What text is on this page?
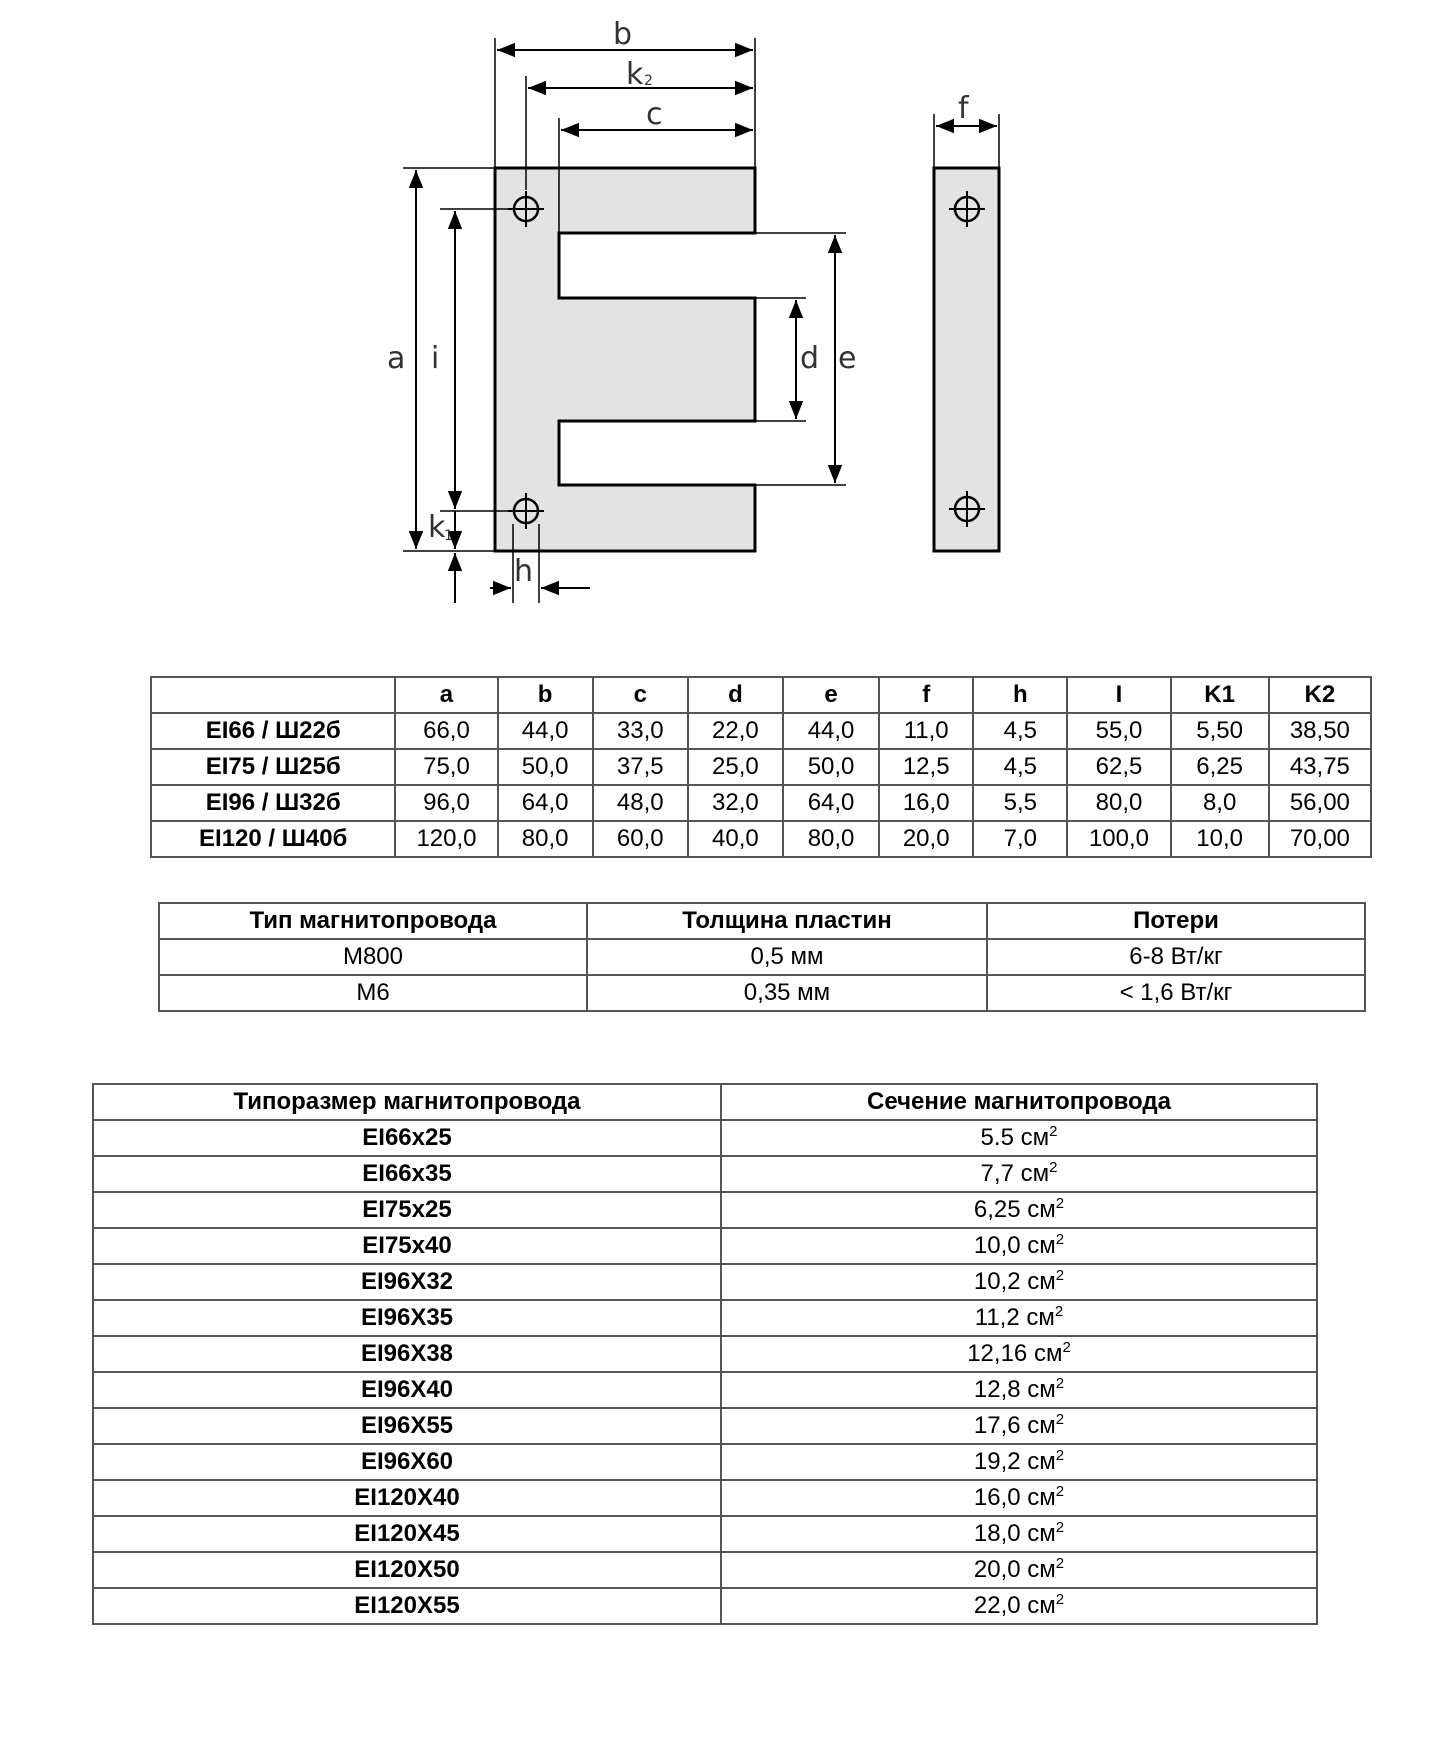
b
k 2
c	f
a i	d e
k
1
h
	a	b	c	d	e	f	h	I	K1	K2
EI66 / Ш22б	66,0	44,0	33,0	22,0	44,0	11,0	4,5	55,0	5,50	38,50
EI75 / Ш25б	75,0	50,0	37,5	25,0	50,0	12,5	4,5	62,5	6,25	43,75
EI96 / Ш32б	96,0	64,0	48,0	32,0	64,0	16,0	5,5	80,0	8,0	56,00
EI120 / Ш40б	120,0	80,0	60,0	40,0	80,0	20,0	7,0	100,0	10,0	70,00
Тип магнитопровода	Толщина пластин	Потери
М800	0,5 мм	6-8 Вт/кг
М6	0,35 мм	< 1,6 Вт/кг
Типоразмер магнитопровода	Сечение магнитопровода
EI66x25	5.5 $см^2$
EI66x35	7,7 $см^2$
EI75x25	6,25 $см^2$
EI75x40	10,0 $см^2$
EI96X32	10,2 $см^2$
EI96X35	11,2 $см^2$
EI96X38	12,16 $см^2$
EI96X40	12,8 $см^2$
EI96X55	17,6 $см^2$
EI96X60	19,2 $см^2$
EI120X40	16,0 $см^2$
EI120X45	18,0 $см^2$
EI120X50	20,0 $см^2$
EI120X55	22,0 $см^2$
